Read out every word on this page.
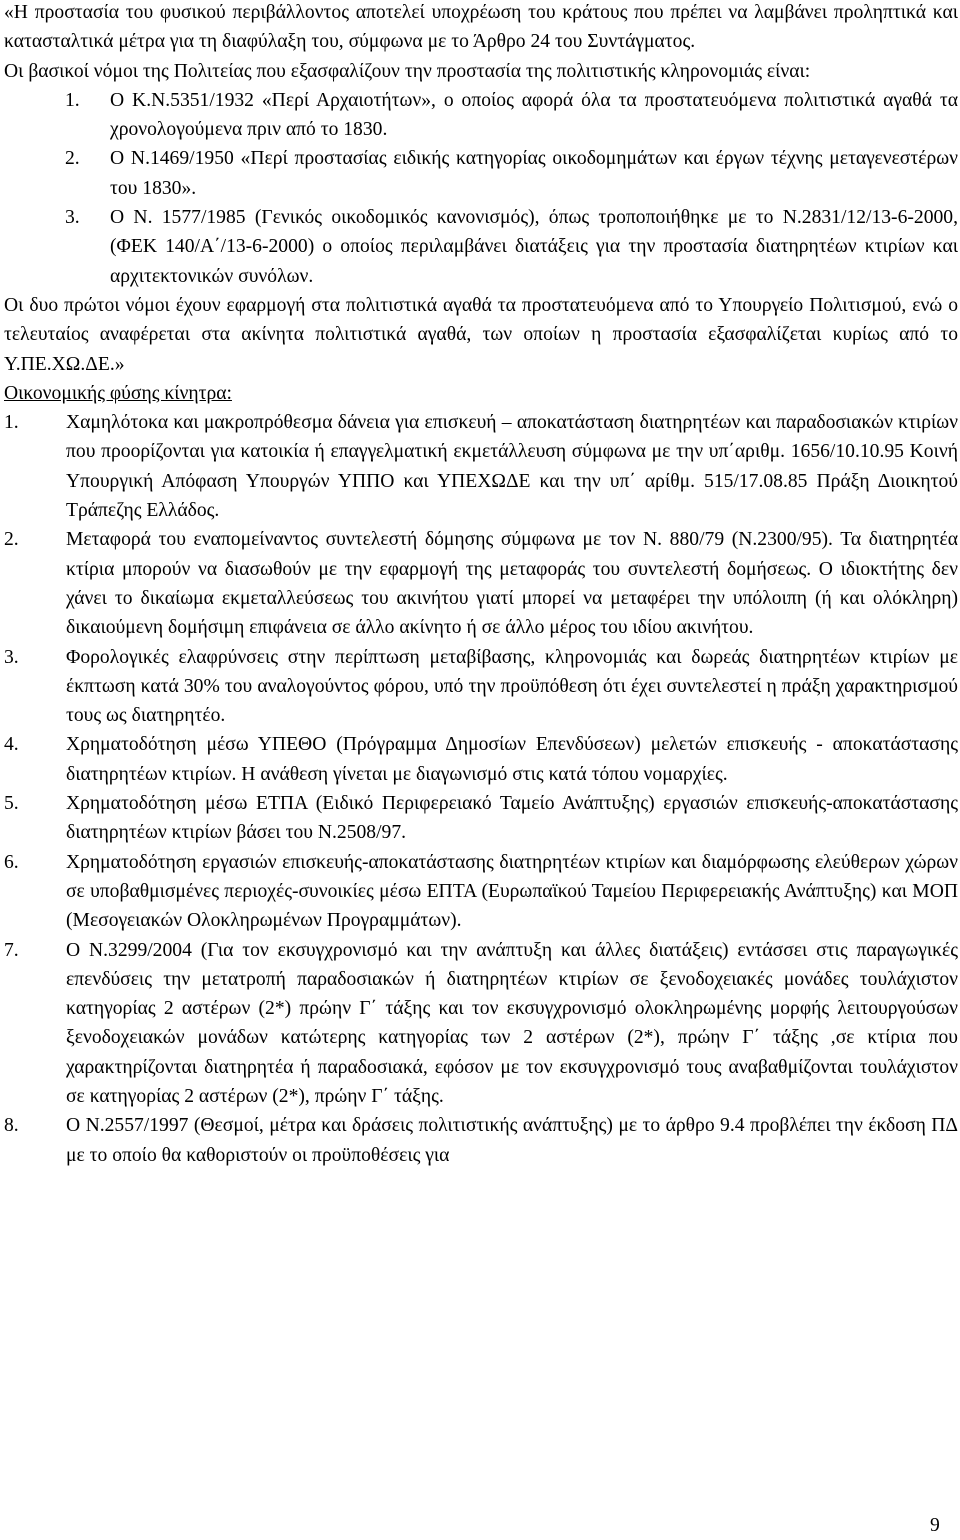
«Η προστασία του φυσικού περιβάλλοντος αποτελεί υποχρέωση του κράτους που πρέπει να λαμβάνει προληπτικά και κατασταλτικά μέτρα για τη διαφύλαξη του, σύμφωνα με το Άρθρο 24 του Συντάγματος.

Οι βασικοί νόμοι της Πολιτείας που εξασφαλίζουν την προστασία της πολιτιστικής κληρονομιάς είναι:

1.	Ο Κ.Ν.5351/1932 «Περί Αρχαιοτήτων», ο οποίος αφορά όλα τα προστατευόμενα πολιτιστικά αγαθά τα χρονολογούμενα πριν από το 1830.
2.	Ο Ν.1469/1950 «Περί προστασίας ειδικής κατηγορίας οικοδομημάτων και έργων τέχνης μεταγενεστέρων του 1830».
3.	Ο Ν. 1577/1985 (Γενικός οικοδομικός κανονισμός), όπως τροποποιήθηκε με το Ν.2831/12/13-6-2000, (ΦΕΚ 140/Α΄/13-6-2000) ο οποίος περιλαμβάνει διατάξεις για την προστασία διατηρητέων κτιρίων και αρχιτεκτονικών συνόλων.

Οι δυο πρώτοι νόμοι έχουν εφαρμογή στα πολιτιστικά αγαθά τα προστατευόμενα από το Υπουργείο Πολιτισμού, ενώ ο τελευταίος αναφέρεται στα ακίνητα πολιτιστικά αγαθά, των οποίων η προστασία εξασφαλίζεται κυρίως από το Υ.ΠΕ.ΧΩ.ΔΕ.»

Οικονομικής φύσης κίνητρα:

1.	Χαμηλότοκα και μακροπρόθεσμα δάνεια για επισκευή – αποκατάσταση διατηρητέων και παραδοσιακών κτιρίων που προορίζονται για κατοικία ή επαγγελματική εκμετάλλευση σύμφωνα με την υπ΄αριθμ. 1656/10.10.95 Κοινή Υπουργική Απόφαση Υπουργών ΥΠΠΟ και ΥΠΕΧΩΔΕ και την υπ΄ αρίθμ. 515/17.08.85 Πράξη Διοικητού Τράπεζης Ελλάδος.
2.	Μεταφορά του εναπομείναντος συντελεστή δόμησης σύμφωνα με τον Ν. 880/79 (Ν.2300/95). Τα διατηρητέα κτίρια μπορούν να διασωθούν με την εφαρμογή της μεταφοράς του συντελεστή δομήσεως. Ο ιδιοκτήτης δεν χάνει το δικαίωμα εκμεταλλεύσεως του ακινήτου γιατί μπορεί να μεταφέρει την υπόλοιπη (ή και ολόκληρη) δικαιούμενη δομήσιμη επιφάνεια σε άλλο ακίνητο ή σε άλλο μέρος του ιδίου ακινήτου.
3.	Φορολογικές ελαφρύνσεις στην περίπτωση μεταβίβασης, κληρονομιάς και δωρεάς διατηρητέων κτιρίων με έκπτωση κατά 30% του αναλογούντος φόρου, υπό την προϋπόθεση ότι έχει συντελεστεί η πράξη χαρακτηρισμού τους ως διατηρητέο.
4.	Χρηματοδότηση μέσω ΥΠΕΘΟ (Πρόγραμμα Δημοσίων Επενδύσεων) μελετών επισκευής - αποκατάστασης διατηρητέων κτιρίων. Η ανάθεση γίνεται με διαγωνισμό στις κατά τόπου νομαρχίες.
5.	Χρηματοδότηση μέσω ΕΤΠΑ (Ειδικό Περιφερειακό Ταμείο Ανάπτυξης) εργασιών επισκευής-αποκατάστασης διατηρητέων κτιρίων βάσει του Ν.2508/97.
6.	Χρηματοδότηση εργασιών επισκευής-αποκατάστασης διατηρητέων κτιρίων και διαμόρφωσης ελεύθερων χώρων σε υποβαθμισμένες περιοχές-συνοικίες μέσω ΕΠΤΑ (Ευρωπαϊκού Ταμείου Περιφερειακής Ανάπτυξης) και ΜΟΠ (Μεσογειακών Ολοκληρωμένων Προγραμμάτων).
7.	Ο Ν.3299/2004 (Για τον εκσυγχρονισμό και την ανάπτυξη και άλλες διατάξεις) εντάσσει στις παραγωγικές επενδύσεις την μετατροπή παραδοσιακών ή διατηρητέων κτιρίων σε ξενοδοχειακές μονάδες τουλάχιστον κατηγορίας 2 αστέρων (2*) πρώην Γ΄ τάξης και τον εκσυγχρονισμό ολοκληρωμένης μορφής λειτουργούσων ξενοδοχειακών μονάδων κατώτερης κατηγορίας των 2 αστέρων (2*), πρώην Γ΄ τάξης ,σε κτίρια που χαρακτηρίζονται διατηρητέα ή παραδοσιακά, εφόσον με τον εκσυγχρονισμό τους αναβαθμίζονται τουλάχιστον σε κατηγορίας 2 αστέρων (2*), πρώην Γ΄ τάξης.
8.	Ο Ν.2557/1997 (Θεσμοί, μέτρα και δράσεις πολιτιστικής ανάπτυξης) με το άρθρο 9.4 προβλέπει την έκδοση ΠΔ με το οποίο θα καθοριστούν οι προϋποθέσεις για
9
